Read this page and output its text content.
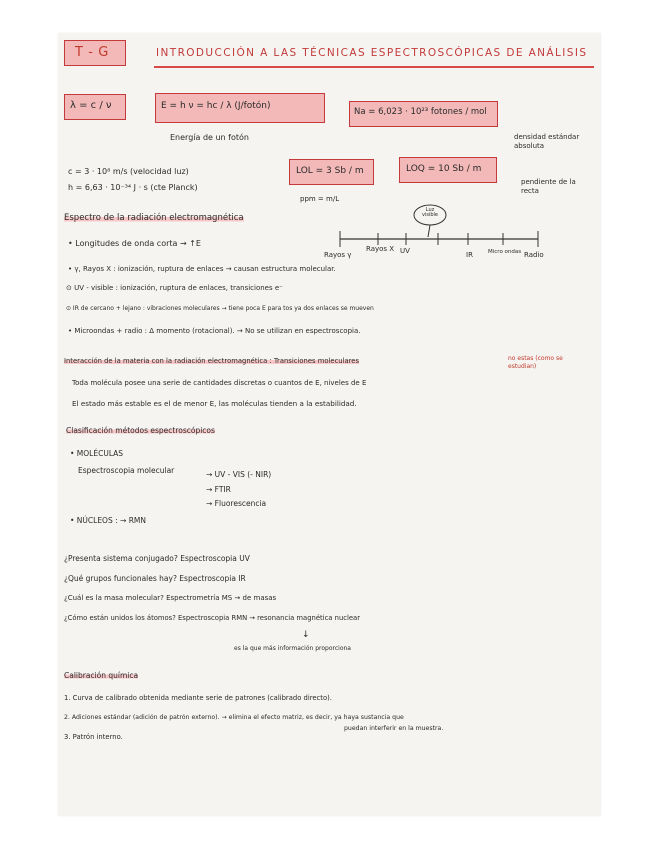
T - G	INTRODUCCIÓN A LAS TÉCNICAS ESPECTROSCÓPICAS DE ANÁLISIS
λ = c / ν	E = h ν = hc / λ (J/fotón)
Energía de un fotón
Na = 6,023 · 10²³ fotones / mol
densidad estándar absoluta
c = 3 · 10⁸ m/s (velocidad luz)
h = 6,63 · 10⁻³⁴ J · s (cte Planck)
LOL = 3 Sb / m	LOQ = 10 Sb / m
ppm = m/L
pendiente de la recta
Espectro de la radiación electromagnética
Luz visible
Rayos γ
Rayos X UV	IR	Micro ondas Radio
• Longitudes de onda corta → ↑E
• γ, Rayos X : ionización, ruptura de enlaces → causan estructura molecular.
⊙ UV - visible : ionización, ruptura de enlaces, transiciones e⁻
⊙ IR de cercano + lejano : vibraciones moleculares → tiene poca E para tos ya dos enlaces se mueven
• Microondas + radio : Δ momento (rotacional). → No se utilizan en espectroscopia.
Interacción de la materia con la radiación electromagnética : Transiciones moleculares	no estas (como se estudian)
Toda molécula posee una serie de cantidades discretas o cuantos de E, niveles de E
El estado más estable es el de menor E, las moléculas tienden a la estabilidad.
Clasificación métodos espectroscópicos
• MOLÉCULAS
Espectroscopia molecular	→ UV - VIS (- NIR)
→ FTIR
→ Fluorescencia
• NÚCLEOS : → RMN
¿Presenta sistema conjugado? Espectroscopia UV
¿Qué grupos funcionales hay? Espectroscopia IR
¿Cuál es la masa molecular? Espectrometría MS → de masas
¿Cómo están unidos los átomos? Espectroscopia RMN → resonancia magnética nuclear
↓
es la que más información proporciona
Calibración química
1. Curva de calibrado obtenida mediante serie de patrones (calibrado directo).
2. Adiciones estándar (adición de patrón externo). → elimina el efecto matriz, es decir, ya haya sustancia que
puedan interferir en la muestra.
3. Patrón interno.
